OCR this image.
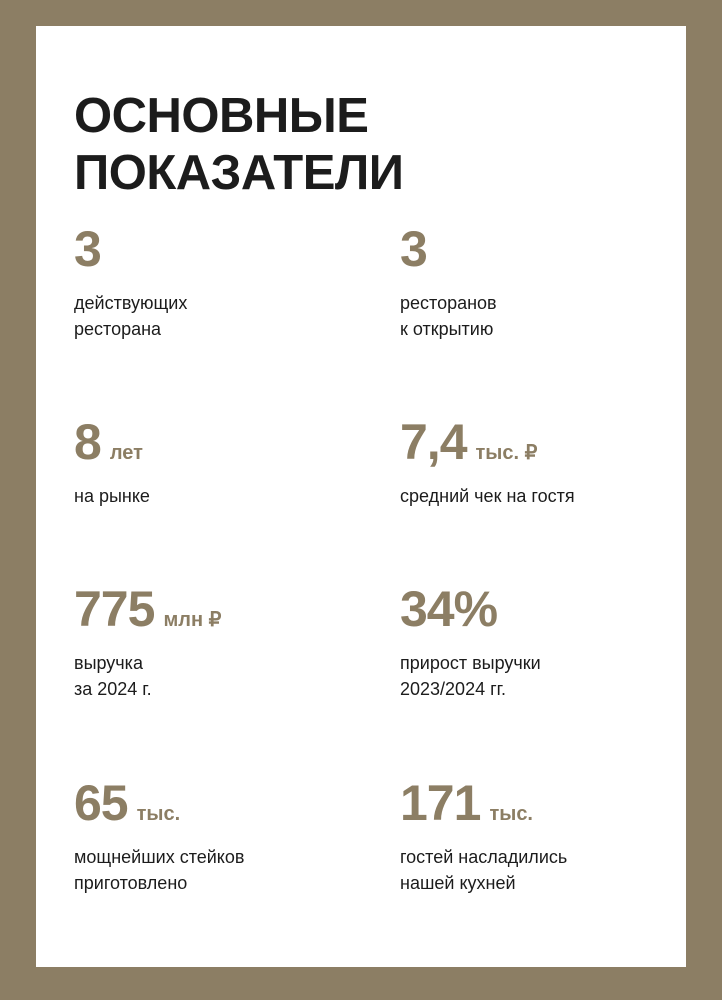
ОСНОВНЫЕ
ПОКАЗАТЕЛИ
3
действующих
ресторана
3
ресторанов
к открытию
8 лет
на рынке
7,4 тыс. ₽
средний чек на гостя
775 млн ₽
выручка
за 2024 г.
34%
прирост выручки
2023/2024 гг.
65 тыс.
мощнейших стейков
приготовлено
171 тыс.
гостей насладились
нашей кухней
